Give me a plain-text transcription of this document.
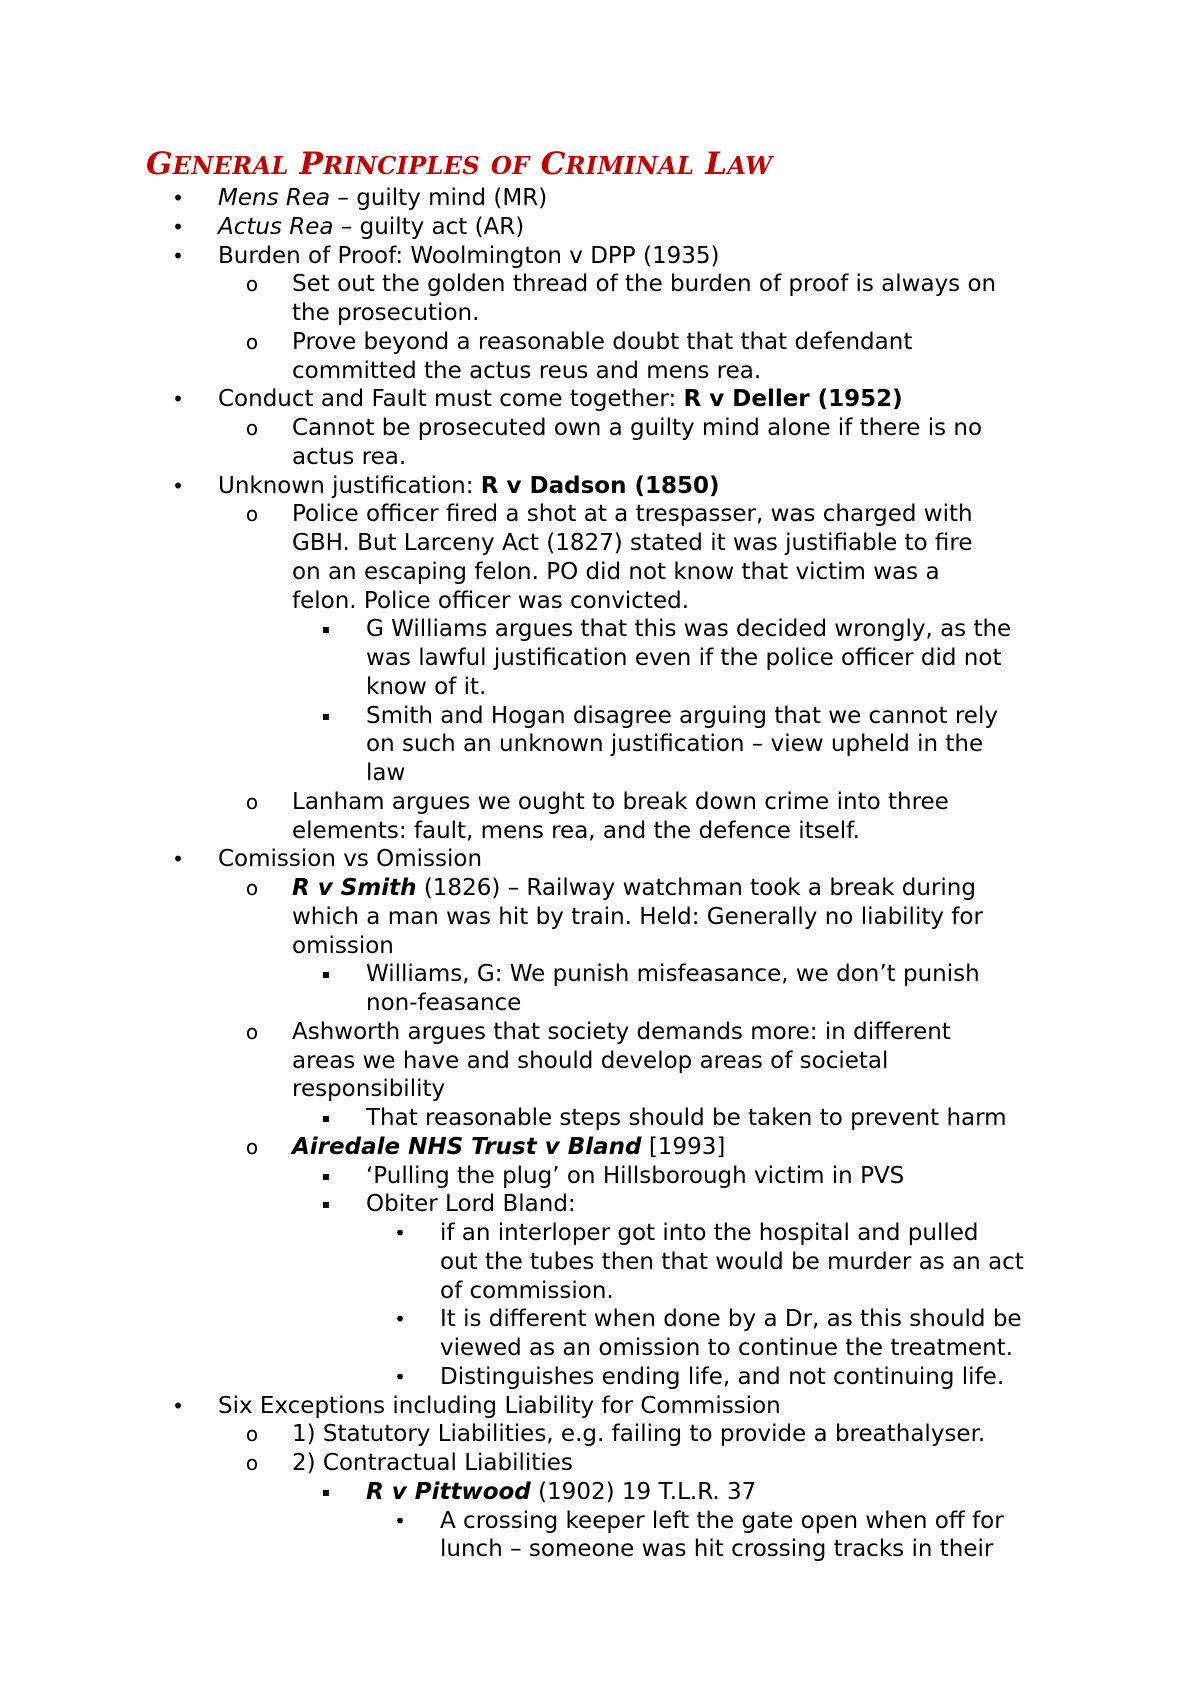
GENERAL PRINCIPLES OF CRIMINAL LAW
• Mens Rea – guilty mind (MR)
• Actus Rea – guilty act (AR)
• Burden of Proof: Woolmington v DPP (1935)
o Set out the golden thread of the burden of proof is always on
the prosecution.
o Prove beyond a reasonable doubt that that defendant
committed the actus reus and mens rea.
• Conduct and Fault must come together: R v Deller (1952)
o Cannot be prosecuted own a guilty mind alone if there is no
actus rea.
• Unknown justification: R v Dadson (1850)
o Police officer fired a shot at a trespasser, was charged with
GBH. But Larceny Act (1827) stated it was justifiable to fire
on an escaping felon. PO did not know that victim was a
felon. Police officer was convicted.
▪ G Williams argues that this was decided wrongly, as the
was lawful justification even if the police officer did not
know of it.
▪ Smith and Hogan disagree arguing that we cannot rely
on such an unknown justification – view upheld in the
law
o Lanham argues we ought to break down crime into three
elements: fault, mens rea, and the defence itself.
• Comission vs Omission
o R v Smith (1826) – Railway watchman took a break during
which a man was hit by train. Held: Generally no liability for
omission
▪ Williams, G: We punish misfeasance, we don’t punish
non-feasance
o Ashworth argues that society demands more: in different
areas we have and should develop areas of societal
responsibility
▪ That reasonable steps should be taken to prevent harm
o Airedale NHS Trust v Bland [1993]
▪ ‘Pulling the plug’ on Hillsborough victim in PVS
▪ Obiter Lord Bland:
• if an interloper got into the hospital and pulled
out the tubes then that would be murder as an act
of commission.
• It is different when done by a Dr, as this should be
viewed as an omission to continue the treatment.
• Distinguishes ending life, and not continuing life.
• Six Exceptions including Liability for Commission
o 1) Statutory Liabilities, e.g. failing to provide a breathalyser.
o 2) Contractual Liabilities
▪ R v Pittwood (1902) 19 T.L.R. 37
• A crossing keeper left the gate open when off for
lunch – someone was hit crossing tracks in their
